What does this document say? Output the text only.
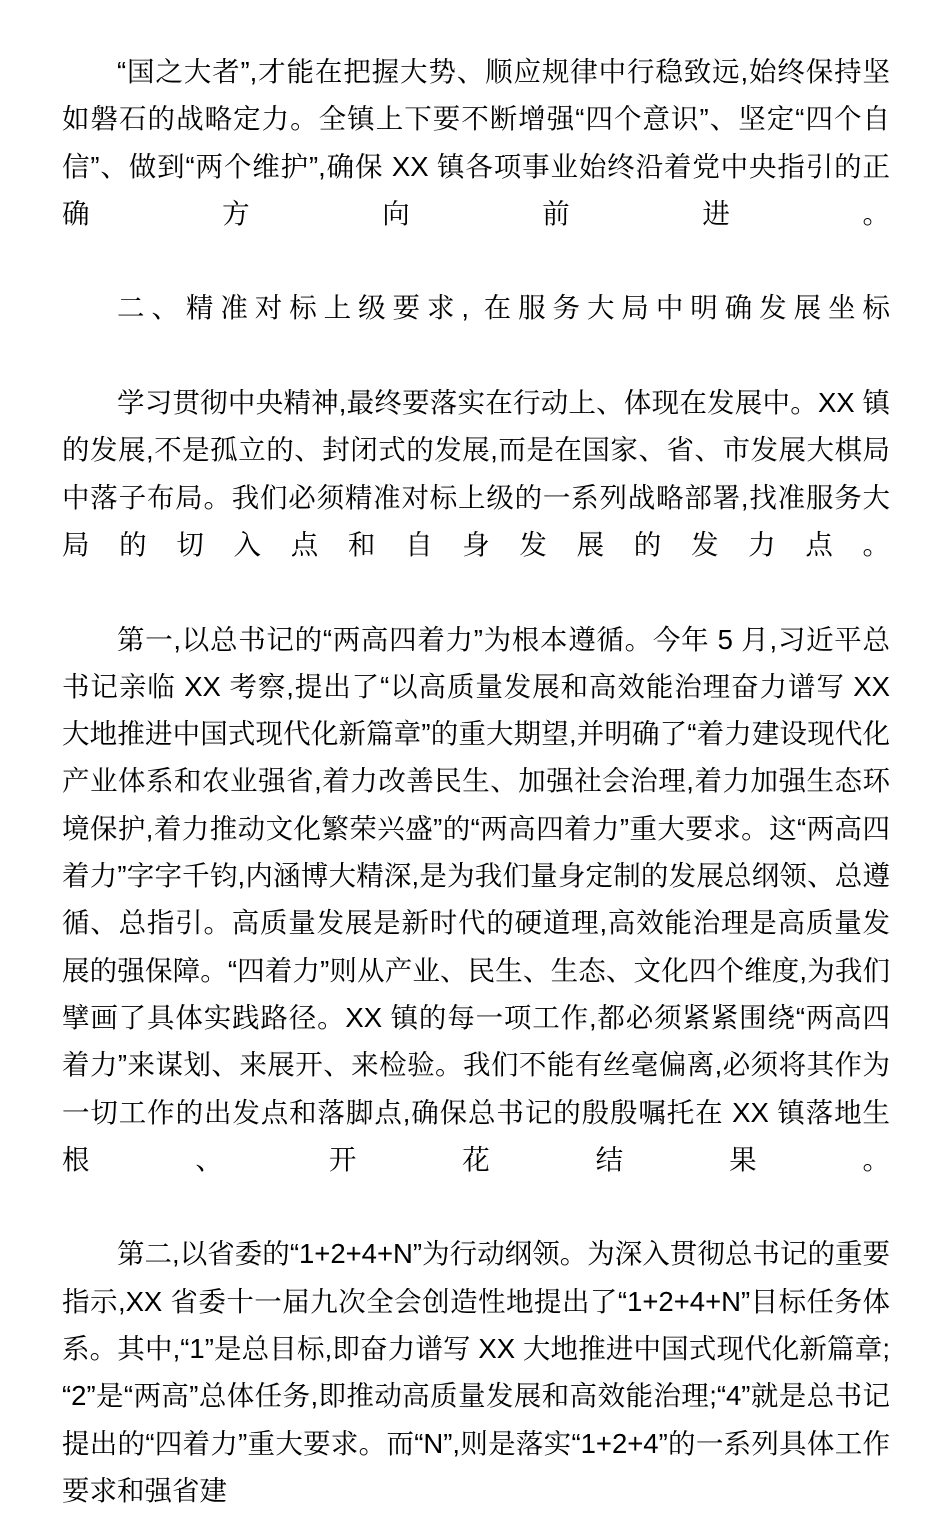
“国之大者”,才能在把握大势、顺应规律中行稳致远,始终保持坚如磐石的战略定力。全镇上下要不断增强“四个意识”、坚定“四个自信”、做到“两个维护”,确保 XX 镇各项事业始终沿着党中央指引的正确方向前进。

二、精准对标上级要求, 在服务大局中明确发展坐标

学习贯彻中央精神,最终要落实在行动上、体现在发展中。XX 镇的发展,不是孤立的、封闭式的发展,而是在国家、省、市发展大棋局中落子布局。我们必须精准对标上级的一系列战略部署,找准服务大局的切入点和自身发展的发力点。

第一,以总书记的“两高四着力”为根本遵循。今年 5 月,习近平总书记亲临 XX 考察,提出了“以高质量发展和高效能治理奋力谱写 XX 大地推进中国式现代化新篇章”的重大期望,并明确了“着力建设现代化产业体系和农业强省,着力改善民生、加强社会治理,着力加强生态环境保护,着力推动文化繁荣兴盛”的“两高四着力”重大要求。这“两高四着力”字字千钧,内涵博大精深,是为我们量身定制的发展总纲领、总遵循、总指引。高质量发展是新时代的硬道理,高效能治理是高质量发展的强保障。“四着力”则从产业、民生、生态、文化四个维度,为我们擘画了具体实践路径。XX 镇的每一项工作,都必须紧紧围绕“两高四着力”来谋划、来展开、来检验。我们不能有丝毫偏离,必须将其作为一切工作的出发点和落脚点,确保总书记的殷殷嘱托在 XX 镇落地生根、开花结果。

第二,以省委的“1+2+4+N”为行动纲领。为深入贯彻总书记的重要指示,XX 省委十一届九次全会创造性地提出了“1+2+4+N”目标任务体系。其中,“1”是总目标,即奋力谱写 XX 大地推进中国式现代化新篇章;“2”是“两高”总体任务,即推动高质量发展和高效能治理;“4”就是总书记提出的“四着力”重大要求。而“N”,则是落实“1+2+4”的一系列具体工作要求和强省建
